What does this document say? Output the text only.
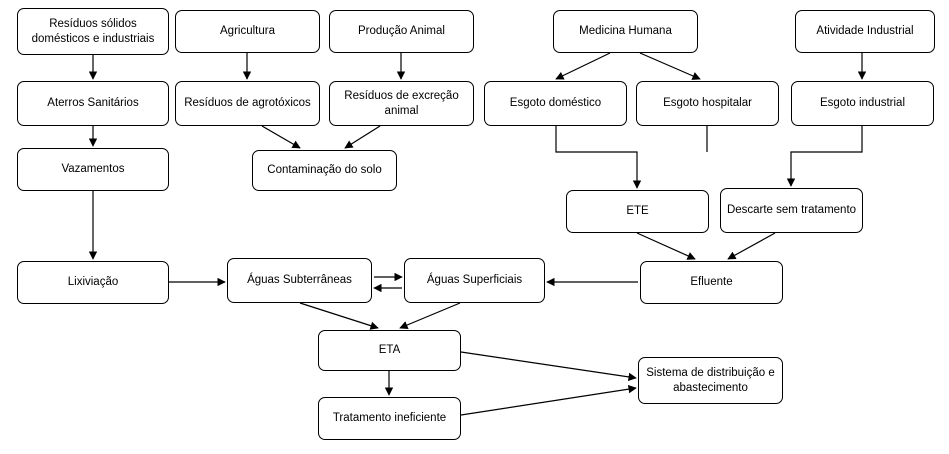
Resíduos sólidos domésticos e industriais
Agricultura	Produção Animal	Medicina Humana	Atividade Industrial
Aterros Sanitários	Resíduos de agrotóxicos
Resíduos de excreção animal
Esgoto doméstico	Esgoto hospitalar	Esgoto industrial
Vazamentos	Contaminação do solo
ETE	Descarte sem tratamento
Lixiviação	Águas Subterrâneas	Águas Superficiais	Efluente
ETA
Sistema de distribuição e abastecimento
Tratamento ineficiente
